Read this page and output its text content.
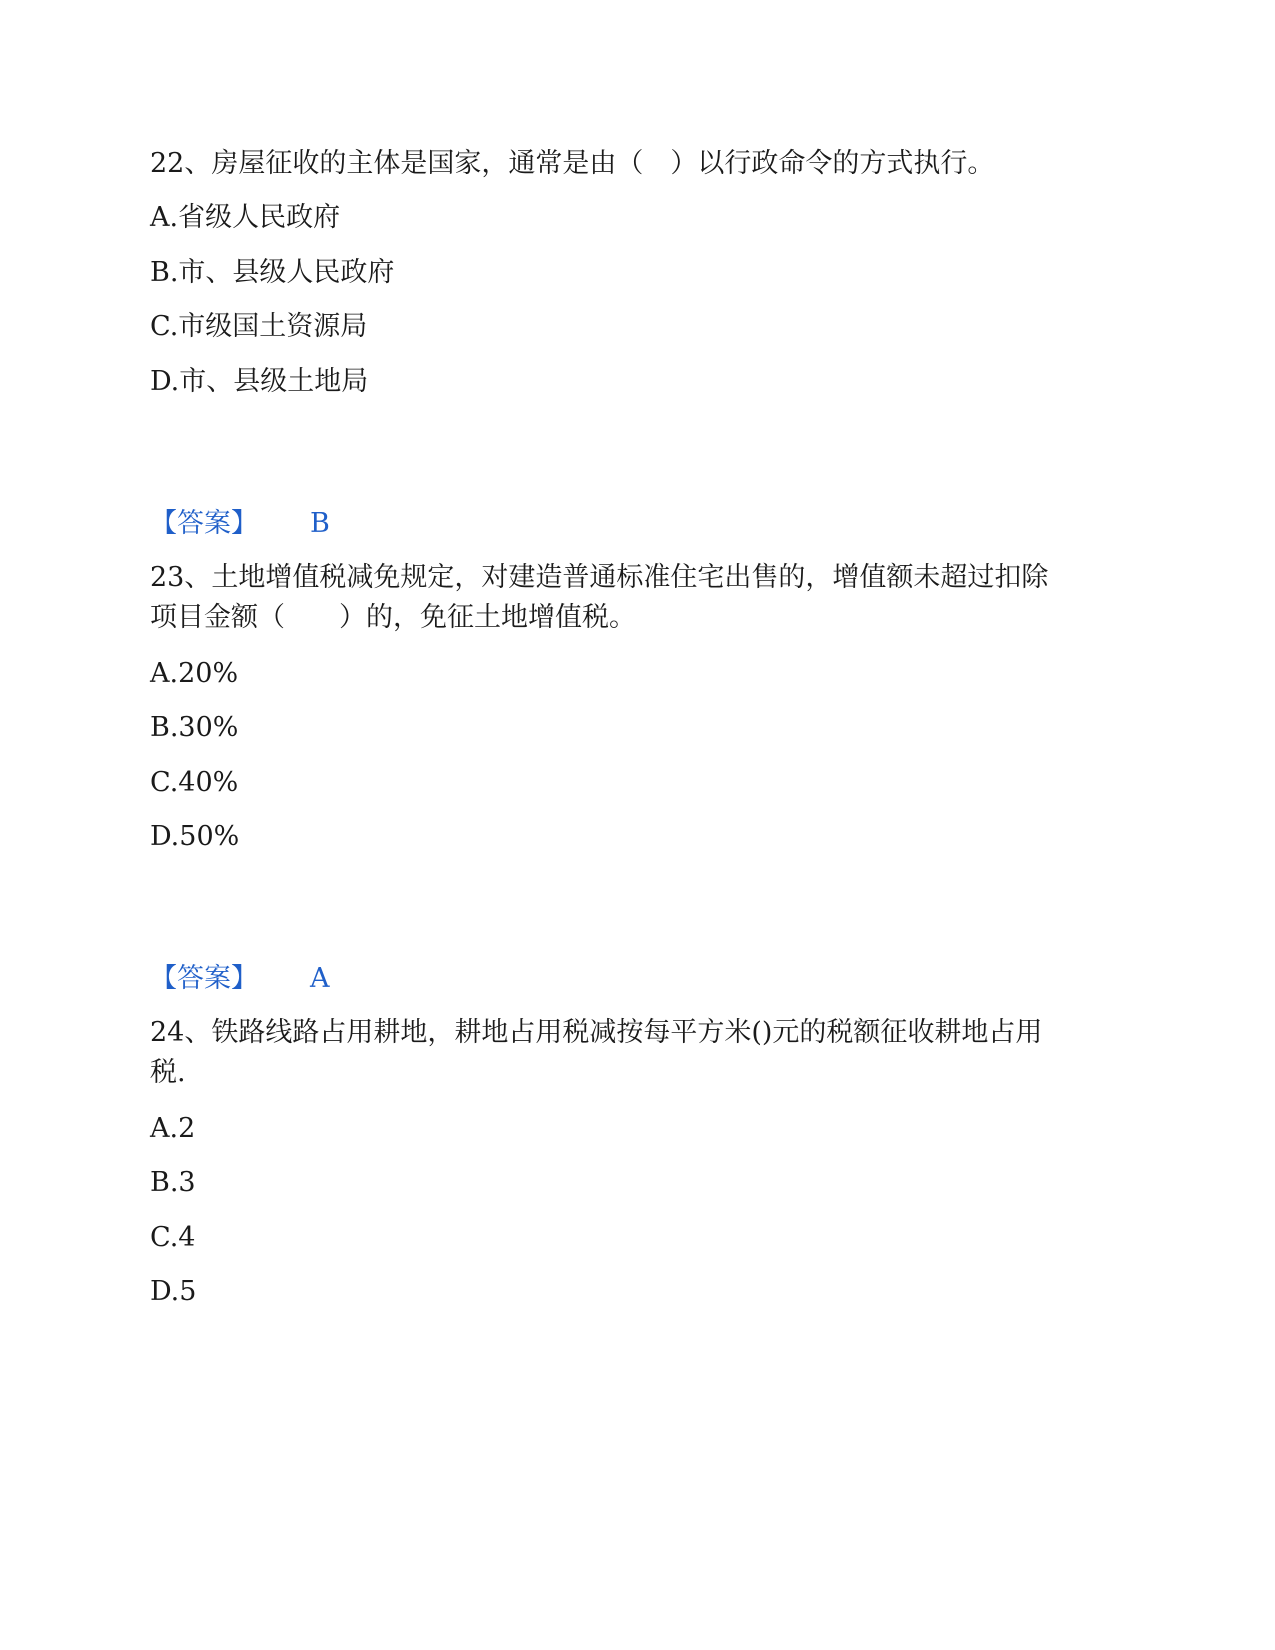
22、房屋征收的主体是国家，通常是由（　）以行政命令的方式执行。

A.省级人民政府

B.市、县级人民政府

C.市级国土资源局

D.市、县级土地局

【答案】 B

23、土地增值税减免规定，对建造普通标准住宅出售的，增值额未超过扣除

项目金额（　　）的，免征土地增值税。

A.20%

B.30%

C.40%

D.50%

【答案】 A

24、铁路线路占用耕地，耕地占用税减按每平方米()元的税额征收耕地占用

税.

A.2

B.3

C.4

D.5
